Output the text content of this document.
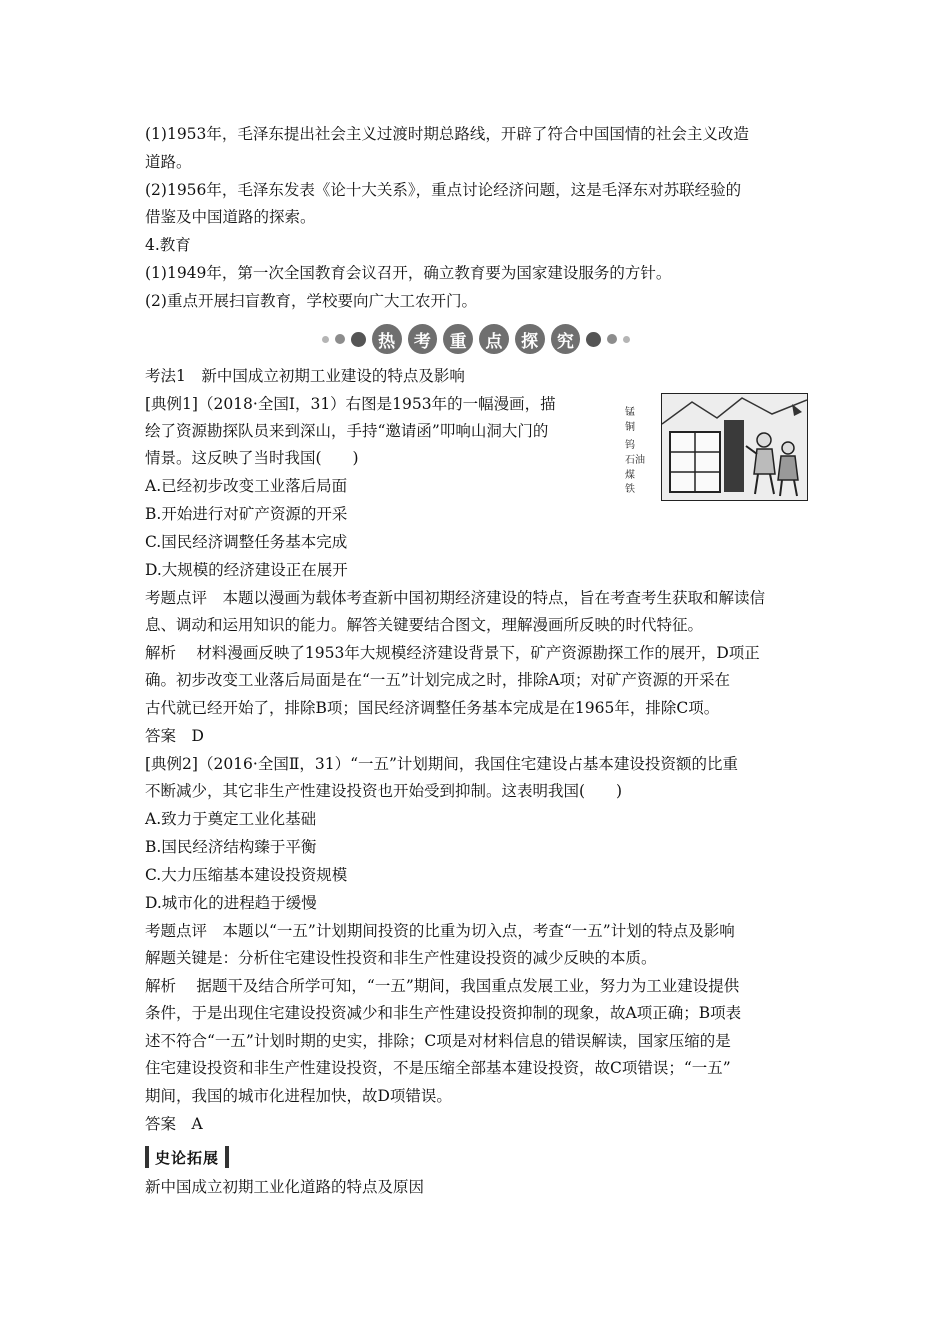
(1)1953年，毛泽东提出社会主义过渡时期总路线，开辟了符合中国国情的社会主义改造
道路。
(2)1956年，毛泽东发表《论十大关系》，重点讨论经济问题，这是毛泽东对苏联经验的
借鉴及中国道路的探索。
4.教育
(1)1949年，第一次全国教育会议召开，确立教育要为国家建设服务的方针。
(2)重点开展扫盲教育，学校要向广大工农开门。
热	考	重	点	探	究
考法1　新中国成立初期工业建设的特点及影响
[典例1]（2018·全国Ⅰ，31）右图是1953年的一幅漫画，描
绘了资源勘探队员来到深山，手持“邀请函”叩响山洞大门的
情景。这反映了当时我国(　　)
A.已经初步改变工业落后局面
B.开始进行对矿产资源的开采
C.国民经济调整任务基本完成
D.大规模的经济建设正在展开
锰
铜
钨
石油
煤
铁
考题点评　本题以漫画为载体考查新中国初期经济建设的特点，旨在考查考生获取和解读信
息、调动和运用知识的能力。解答关键要结合图文，理解漫画所反映的时代特征。
解析　 材料漫画反映了1953年大规模经济建设背景下，矿产资源勘探工作的展开，D项正
确。初步改变工业落后局面是在“一五”计划完成之时，排除A项；对矿产资源的开采在
古代就已经开始了，排除B项；国民经济调整任务基本完成是在1965年，排除C项。
答案　D
[典例2]（2016·全国Ⅱ，31）“一五”计划期间，我国住宅建设占基本建设投资额的比重
不断减少，其它非生产性建设投资也开始受到抑制。这表明我国(　　)
A.致力于奠定工业化基础
B.国民经济结构臻于平衡
C.大力压缩基本建设投资规模
D.城市化的进程趋于缓慢
考题点评　本题以“一五”计划期间投资的比重为切入点，考查“一五”计划的特点及影响
解题关键是：分析住宅建设性投资和非生产性建设投资的减少反映的本质。
解析　 据题干及结合所学可知，“一五”期间，我国重点发展工业，努力为工业建设提供
条件，于是出现住宅建设投资减少和非生产性建设投资抑制的现象，故A项正确；B项表
述不符合“一五”计划时期的史实，排除；C项是对材料信息的错误解读，国家压缩的是
住宅建设投资和非生产性建设投资，不是压缩全部基本建设投资，故C项错误；“一五”
期间，我国的城市化进程加快，故D项错误。
答案　A
史论拓展
新中国成立初期工业化道路的特点及原因
